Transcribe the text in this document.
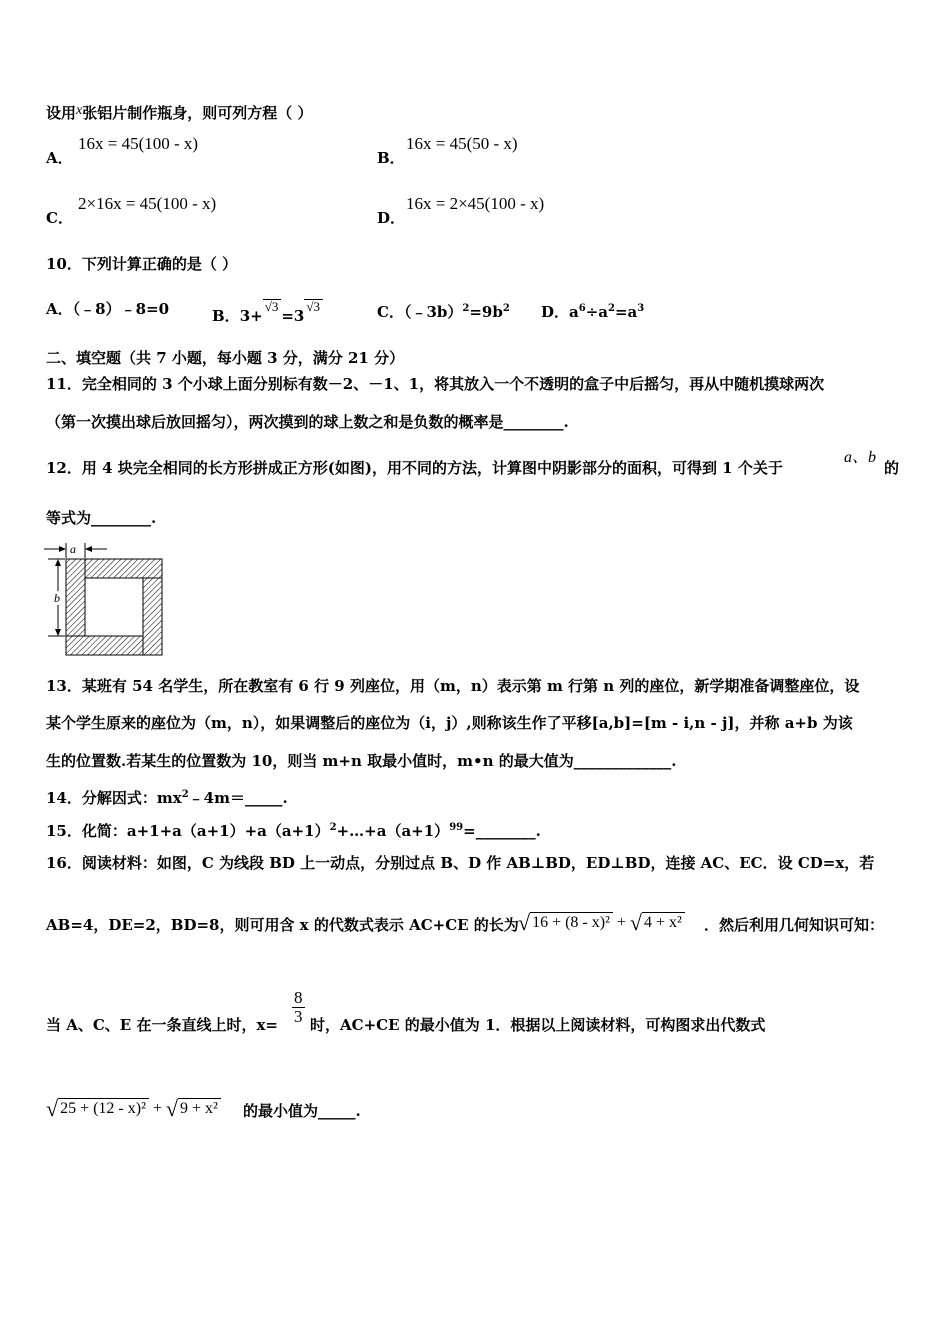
设用x张铝片制作瓶身，则可列方程（ ）
A．
16x = 45(100 - x)
B．
16x = 45(50 - x)
C．
2×16x = 45(100 - x)
D．
16x = 2×45(100 - x)
10．下列计算正确的是（ ）
A．（﹣8）﹣8=0	B．3+√3=3√3	C．$(﹣3b)^2=9b^2$ D．$a^6\div a^2=a^3$
二、填空题（共 7 小题，每小题 3 分，满分 21 分）
11．完全相同的 3 个小球上面分别标有数－2、－1、1，将其放入一个不透明的盒子中后摇匀，再从中随机摸球两次
（第一次摸出球后放回摇匀），两次摸到的球上数之和是负数的概率是________.
12．用 4 块完全相同的长方形拼成正方形(如图)，用不同的方法，计算图中阴影部分的面积，可得到 1 个关于
a、b
的
等式为________.
a
b
13．某班有 54 名学生，所在教室有 6 行 9 列座位，用（m，n）表示第 m 行第 n 列的座位，新学期准备调整座位，设
某个学生原来的座位为（m，n），如果调整后的座位为（i，j）,则称该生作了平移[a,b]=[m - i,n - j]，并称 a+b 为该
生的位置数.若某生的位置数为 10，则当 m+n 取最小值时，m•n 的最大值为_____________.
14．分解因式：$mx^2﹣4m=\_\_\_\_\_$.
15．化简：$a+1+a(a+1)+a(a+1)^2+\dots+a(a+1)^{99}=\_\_\_\_\_\_\_\_$.
16．阅读材料：如图，C 为线段 BD 上一动点，分别过点 B、D 作 AB⊥BD，ED⊥BD，连接 AC、EC．设 CD=x，若
AB=4，DE=2，BD=8，则可用含 x 的代数式表示 AC+CE 的长为 √ 16 + (8 - x)² + √ 4 + x² ．然后利用几何知识可知：
当 A、C、E 在一条直线上时，$x= \frac{8}{3}$ 时，AC+CE 的最小值为 1．根据以上阅读材料，可构图求出代数式
√ 25 + (12 - x)² + √ 9 + x² 的最小值为_____.
